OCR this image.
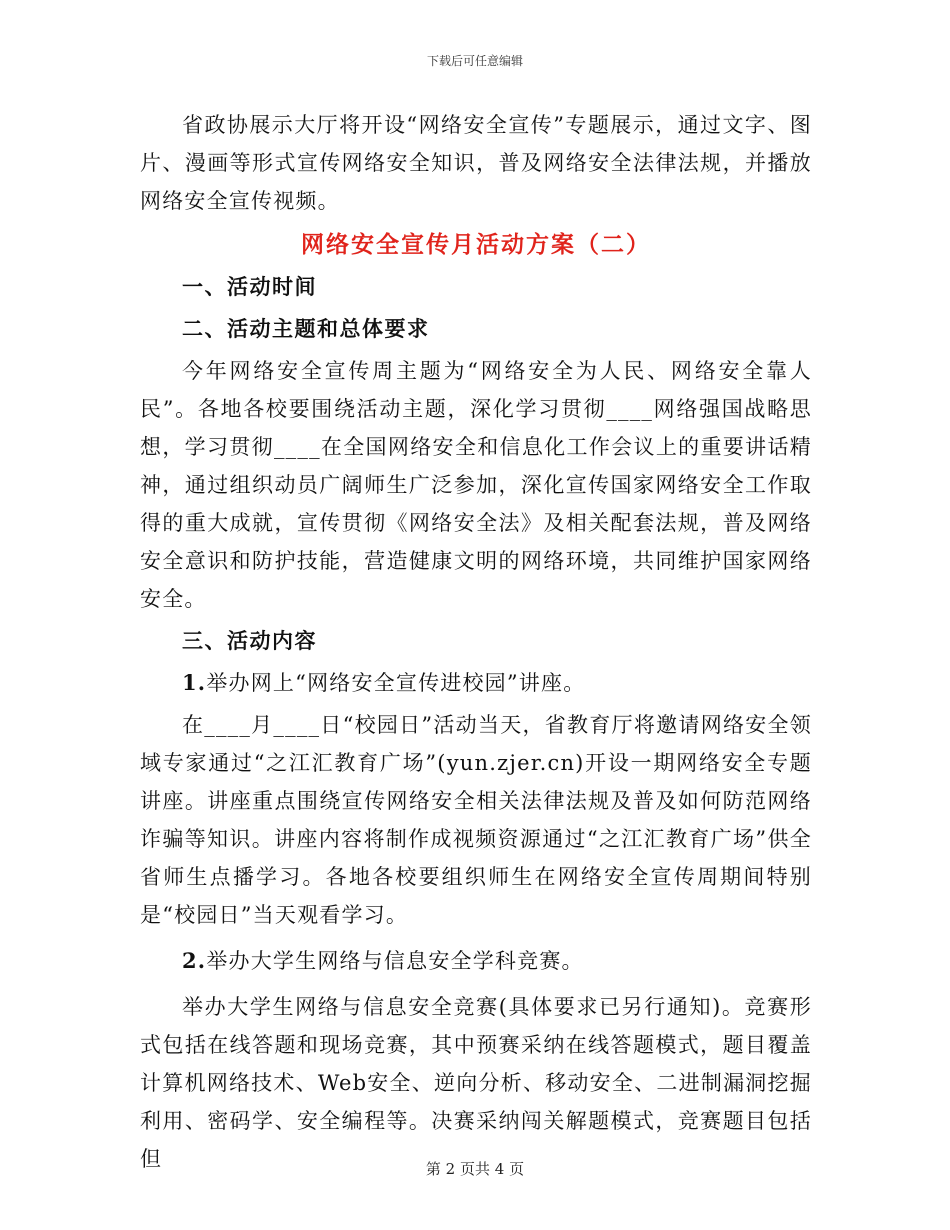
下载后可任意编辑

省政协展示大厅将开设“网络安全宣传”专题展示，通过文字、图片、漫画等形式宣传网络安全知识，普及网络安全法律法规，并播放网络安全宣传视频。

网络安全宣传月活动方案（二）

一、活动时间

二、活动主题和总体要求

今年网络安全宣传周主题为“网络安全为人民、网络安全靠人民”。各地各校要围绕活动主题，深化学习贯彻____网络强国战略思想，学习贯彻____在全国网络安全和信息化工作会议上的重要讲话精神，通过组织动员广阔师生广泛参加，深化宣传国家网络安全工作取得的重大成就，宣传贯彻《网络安全法》及相关配套法规，普及网络安全意识和防护技能，营造健康文明的网络环境，共同维护国家网络安全。

三、活动内容

1.举办网上“网络安全宣传进校园”讲座。

在____月____日“校园日”活动当天，省教育厅将邀请网络安全领域专家通过“之江汇教育广场”(yun.zjer.cn)开设一期网络安全专题讲座。讲座重点围绕宣传网络安全相关法律法规及普及如何防范网络诈骗等知识。讲座内容将制作成视频资源通过“之江汇教育广场”供全省师生点播学习。各地各校要组织师生在网络安全宣传周期间特别是“校园日”当天观看学习。

2.举办大学生网络与信息安全学科竞赛。

举办大学生网络与信息安全竞赛(具体要求已另行通知)。竞赛形式包括在线答题和现场竞赛，其中预赛采纳在线答题模式，题目覆盖计算机网络技术、Web安全、逆向分析、移动安全、二进制漏洞挖掘利用、密码学、安全编程等。决赛采纳闯关解题模式，竞赛题目包括但	第 2 页共 4 页
